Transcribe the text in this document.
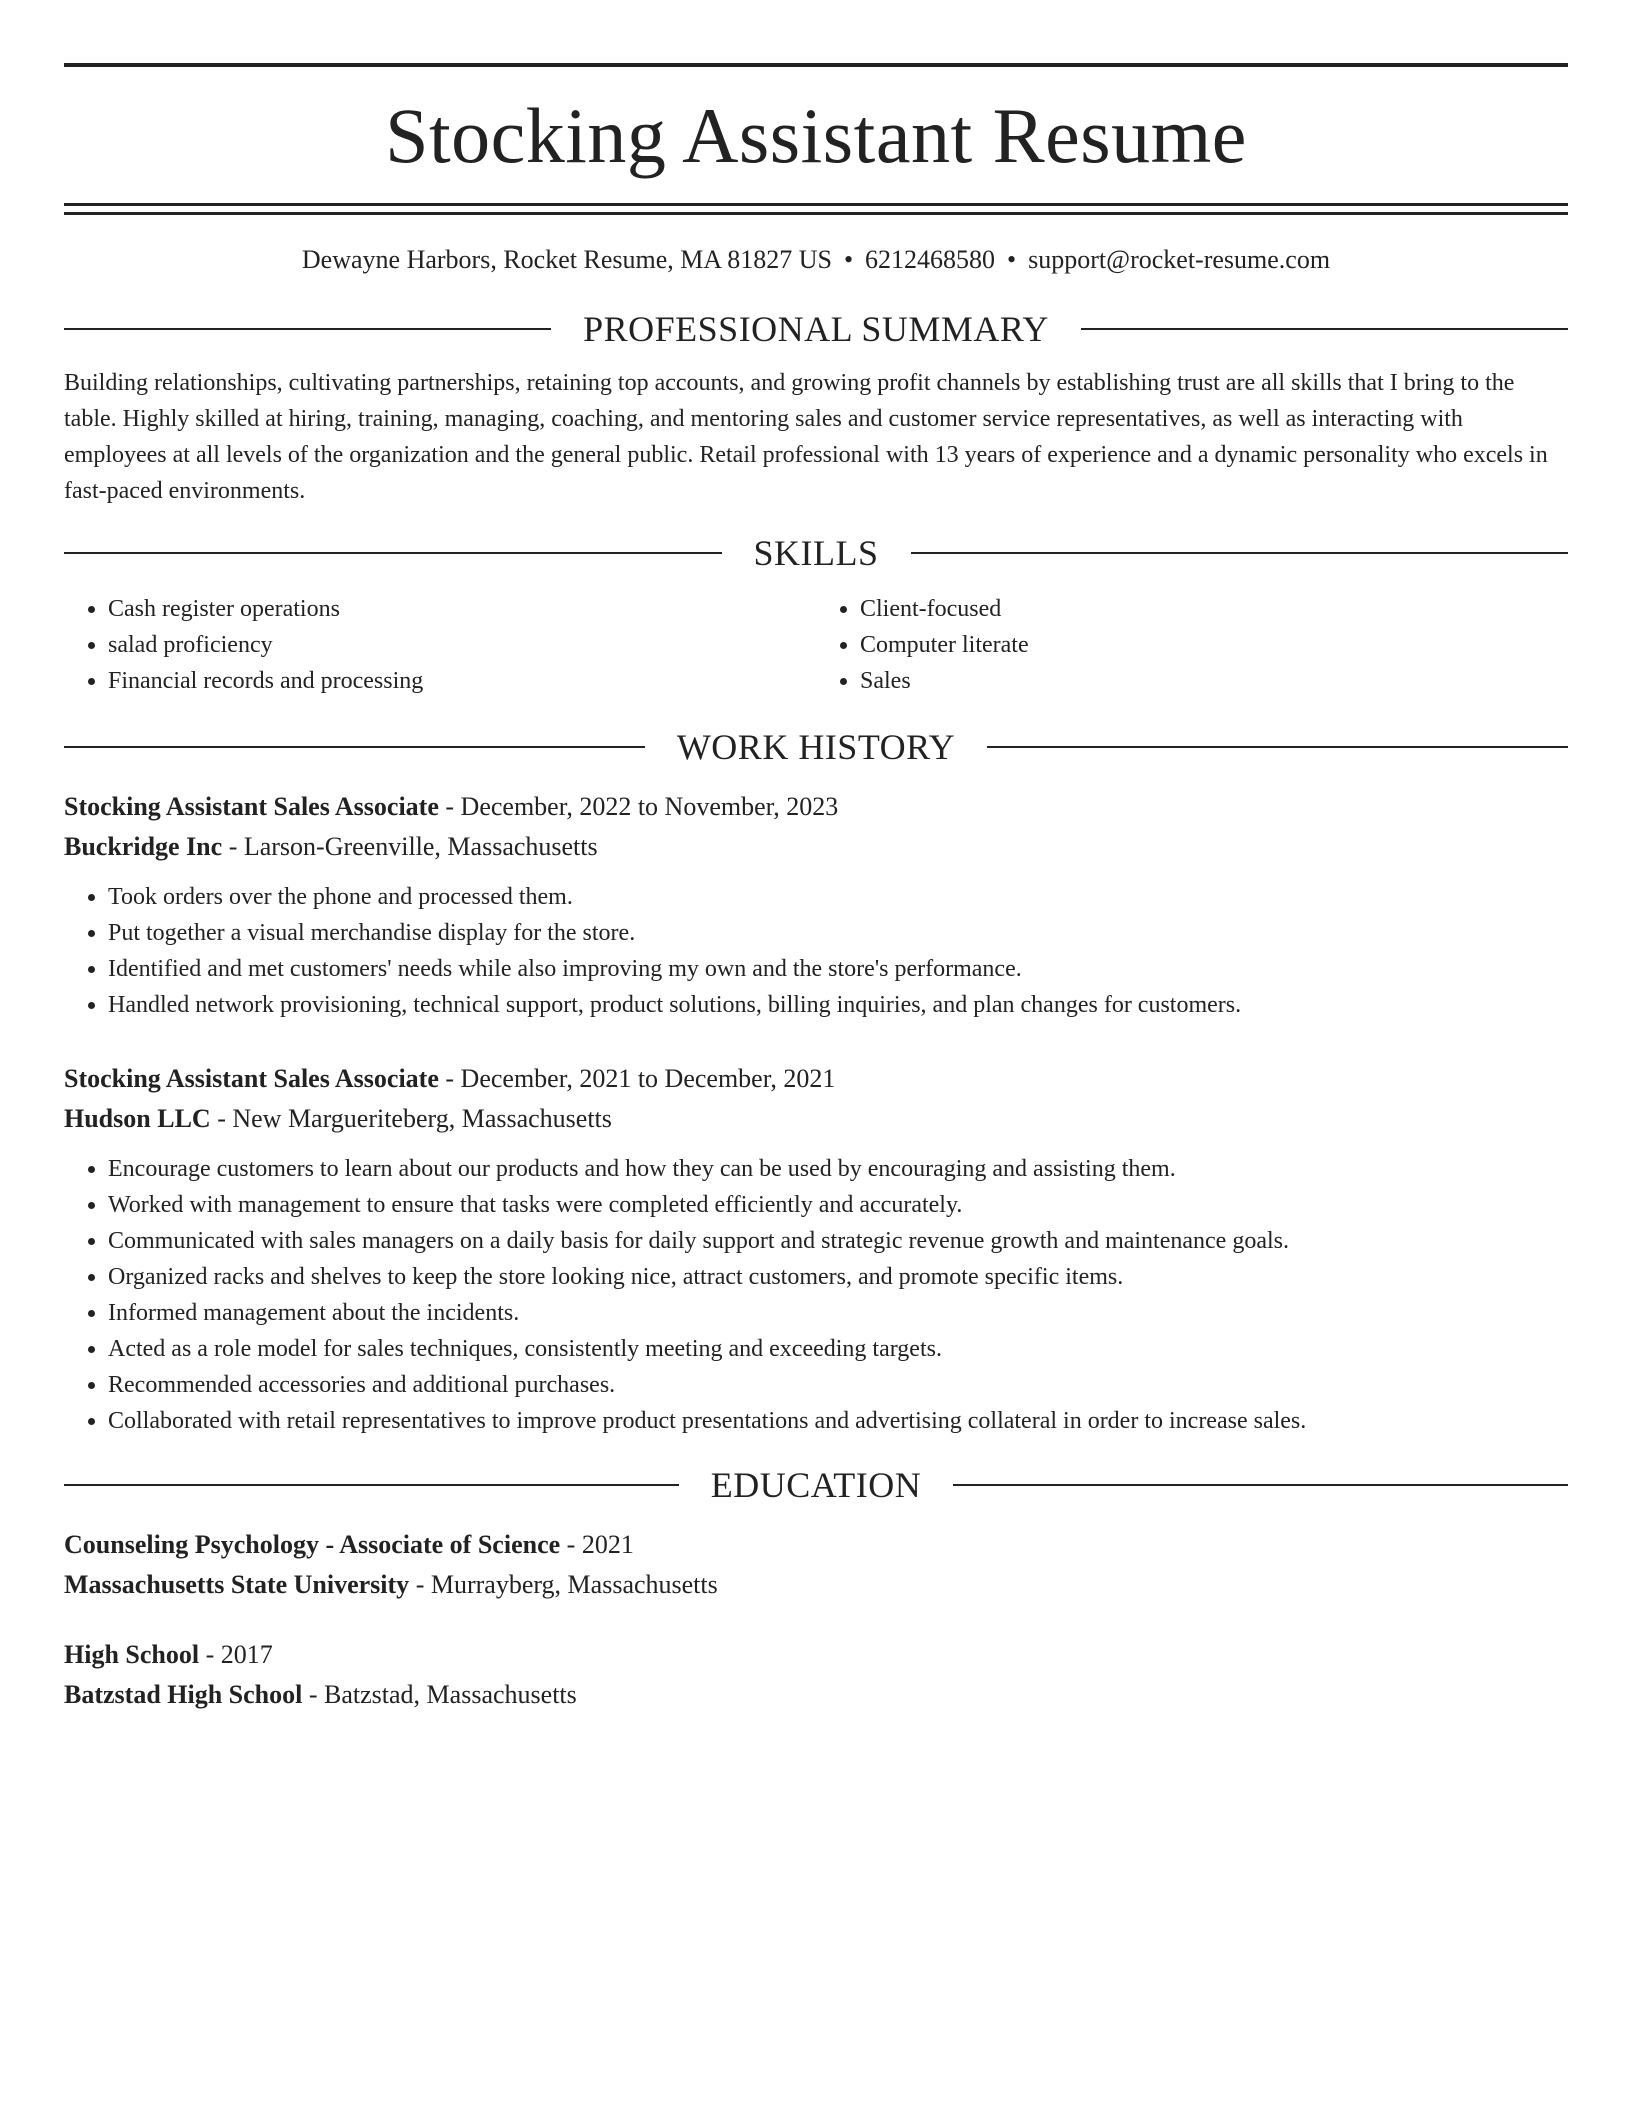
Stocking Assistant Resume
Dewayne Harbors, Rocket Resume, MA 81827 US • 6212468580 • support@rocket-resume.com
PROFESSIONAL SUMMARY

Building relationships, cultivating partnerships, retaining top accounts, and growing profit channels by establishing trust are all skills that I bring to the table. Highly skilled at hiring, training, managing, coaching, and mentoring sales and customer service representatives, as well as interacting with employees at all levels of the organization and the general public. Retail professional with 13 years of experience and a dynamic personality who excels in fast-paced environments.

SKILLS
• Cash register operations
• salad proficiency
• Financial records and processing
• Client-focused
• Computer literate
• Sales
WORK HISTORY
Stocking Assistant Sales Associate - December, 2022 to November, 2023
Buckridge Inc - Larson-Greenville, Massachusetts
• Took orders over the phone and processed them.
• Put together a visual merchandise display for the store.
• Identified and met customers' needs while also improving my own and the store's performance.
• Handled network provisioning, technical support, product solutions, billing inquiries, and plan changes for customers.
Stocking Assistant Sales Associate - December, 2021 to December, 2021
Hudson LLC - New Margueriteberg, Massachusetts
• Encourage customers to learn about our products and how they can be used by encouraging and assisting them.
• Worked with management to ensure that tasks were completed efficiently and accurately.
• Communicated with sales managers on a daily basis for daily support and strategic revenue growth and maintenance goals.
• Organized racks and shelves to keep the store looking nice, attract customers, and promote specific items.
• Informed management about the incidents.
• Acted as a role model for sales techniques, consistently meeting and exceeding targets.
• Recommended accessories and additional purchases.
• Collaborated with retail representatives to improve product presentations and advertising collateral in order to increase sales.
EDUCATION
Counseling Psychology - Associate of Science - 2021
Massachusetts State University - Murrayberg, Massachusetts
High School - 2017
Batzstad High School - Batzstad, Massachusetts
